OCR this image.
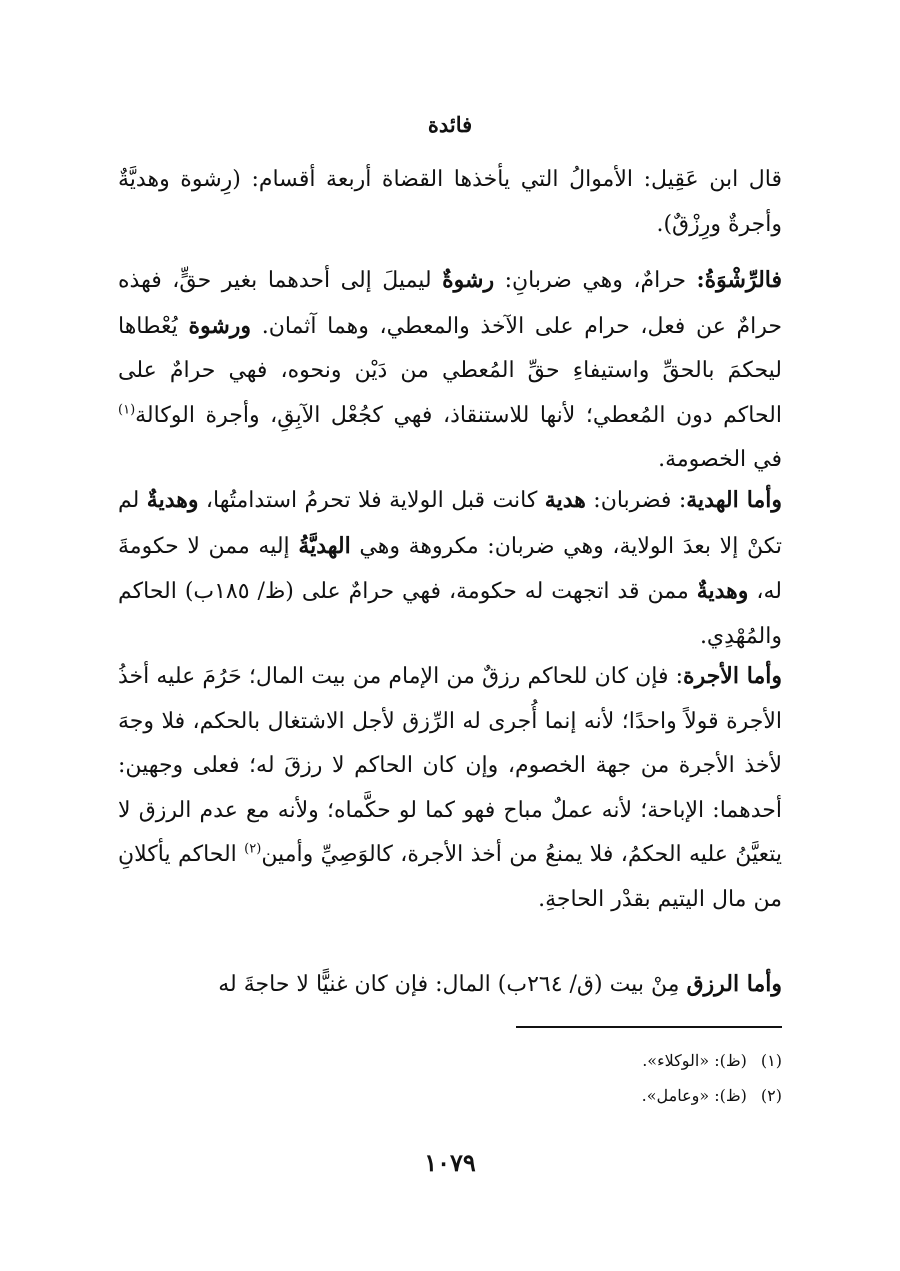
فائدة

قال ابن عَقِيل: الأموالُ التي يأخذها القضاة أربعة أقسام: (رِشوة وهديَّةٌ وأجرةٌ ورِزْقٌ).

فالرِّشْوَةُ: حرامٌ، وهي ضربانِ: رشوةٌ ليميلَ إلى أحدهما بغير حقٍّ، فهذه حرامٌ عن فعل، حرام على الآخذ والمعطي، وهما آثمان. ورشوة يُعْطاها ليحكمَ بالحقِّ واستيفاءِ حقِّ المُعطي من دَيْن ونحوه، فهي حرامٌ على الحاكم دون المُعطي؛ لأنها للاستنقاذ، فهي كجُعْل الآبِقِ، وأجرة الوكالة$^{(١)}$ في الخصومة.

وأما الهدية: فضربان: هدية كانت قبل الولاية فلا تحرمُ استدامتُها، وهديةٌ لم تكنْ إلا بعدَ الولاية، وهي ضربان: مكروهة وهي الهديَّةُ إليه ممن لا حكومةَ له، وهديةٌ ممن قد اتجهت له حكومة، فهي حرامٌ على (ظ/ ١٨٥ب) الحاكم والمُهْدِي.

وأما الأجرة: فإن كان للحاكم رزقٌ من الإمام من بيت المال؛ حَرُمَ عليه أخذُ الأجرة قولاً واحدًا؛ لأنه إنما أُجرى له الرِّزق لأجل الاشتغال بالحكم، فلا وجهَ لأخذ الأجرة من جهة الخصوم، وإن كان الحاكم لا رزقَ له؛ فعلى وجهين: أحدهما: الإباحة؛ لأنه عملٌ مباح فهو كما لو حكَّماه؛ ولأنه مع عدم الرزق لا يتعيَّنُ عليه الحكمُ، فلا يمنعُ من أخذ الأجرة، كالوَصِيِّ وأمين$^{(٢)}$ الحاكم يأكلانِ من مال اليتيم بقدْر الحاجةِ.

وأما الرزق مِنْ بيت (ق/ ٢٦٤ب) المال: فإن كان غنيًّا لا حاجةَ له

(١)(ظ): «الوكلاء».
(٢)(ظ): «وعامل».
١٠٧٩
